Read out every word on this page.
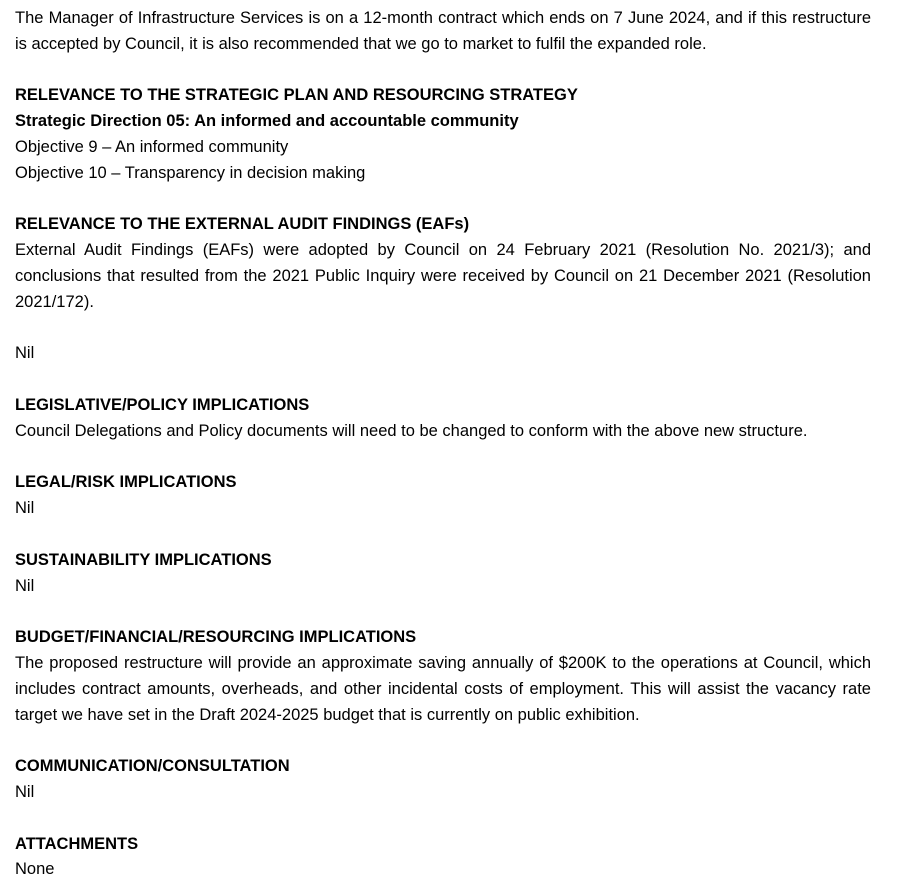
The Manager of Infrastructure Services is on a 12-month contract which ends on 7 June 2024, and if this restructure is accepted by Council, it is also recommended that we go to market to fulfil the expanded role.

RELEVANCE TO THE STRATEGIC PLAN AND RESOURCING STRATEGY

Strategic Direction 05: An informed and accountable community

Objective 9 – An informed community

Objective 10 – Transparency in decision making

RELEVANCE TO THE EXTERNAL AUDIT FINDINGS (EAFs)

External Audit Findings (EAFs) were adopted by Council on 24 February 2021 (Resolution No. 2021/3); and conclusions that resulted from the 2021 Public Inquiry were received by Council on 21 December 2021 (Resolution 2021/172).

Nil

LEGISLATIVE/POLICY IMPLICATIONS

Council Delegations and Policy documents will need to be changed to conform with the above new structure.

LEGAL/RISK IMPLICATIONS

Nil

SUSTAINABILITY IMPLICATIONS

Nil

BUDGET/FINANCIAL/RESOURCING IMPLICATIONS

The proposed restructure will provide an approximate saving annually of $200K to the operations at Council, which includes contract amounts, overheads, and other incidental costs of employment. This will assist the vacancy rate target we have set in the Draft 2024-2025 budget that is currently on public exhibition.

COMMUNICATION/CONSULTATION

Nil

ATTACHMENTS

None
